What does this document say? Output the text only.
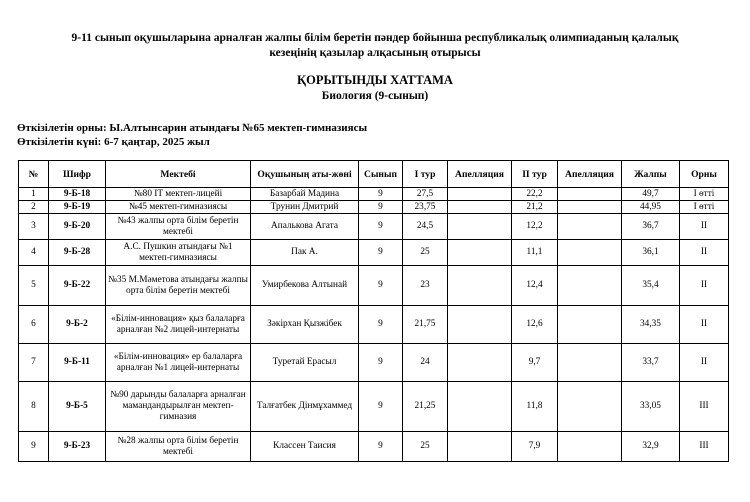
9-11 сынып оқушыларына арналған жалпы білім беретін пәндер бойынша республикалық олимпиаданың қалалық
кезеңінің қазылар алқасының отырысы
ҚОРЫТЫНДЫ ХАТТАМА
Биология (9-сынып)
Өткізілетін орны: Ы.Алтынсарин атындағы №65 мектеп-гимназиясы
Өткізілетін күні: 6-7 қаңтар, 2025 жыл
№	Шифр	Мектебі	Оқушының аты-жөні	Сынып	I тур	Апелляция	II тур	Апелляция	Жалпы	Орны
1	9-Б-18	№80 IT мектеп-лицейі	Базарбай Мадина	9	27,5		22,2		49,7	I өтті
2	9-Б-19	№45 мектеп-гимназиясы	Трунин Дмитрий	9	23,75		21,2		44,95	I өтті
3	9-Б-20	№43 жалпы орта білім беретін мектебі	Апалькова Агата	9	24,5		12,2		36,7	II
4	9-Б-28	А.С. Пушкин атындағы №1 мектеп-гимназиясы	Пак А.	9	25		11,1		36,1	II
5	9-Б-22	№35 М.Мәметова атындағы жалпы орта білім беретін мектебі	Умирбекова Алтынай	9	23		12,4		35,4	II
6	9-Б-2	«Білім-инновация» қыз балаларға арналған №2 лицей-интернаты	Зәкірхан Қызжібек	9	21,75		12,6		34,35	II
7	9-Б-11	«Білім-инновация» ер балаларға арналған №1 лицей-интернаты	Туретай Ерасыл	9	24		9,7		33,7	II
8	9-Б-5	№90 дарынды балаларға арналған мамандандырылған мектеп-гимназия	Талғатбек Дінмұхаммед	9	21,25		11,8		33,05	III
9	9-Б-23	№28 жалпы орта білім беретін мектебі	Классен Таисия	9	25		7,9		32,9	III
